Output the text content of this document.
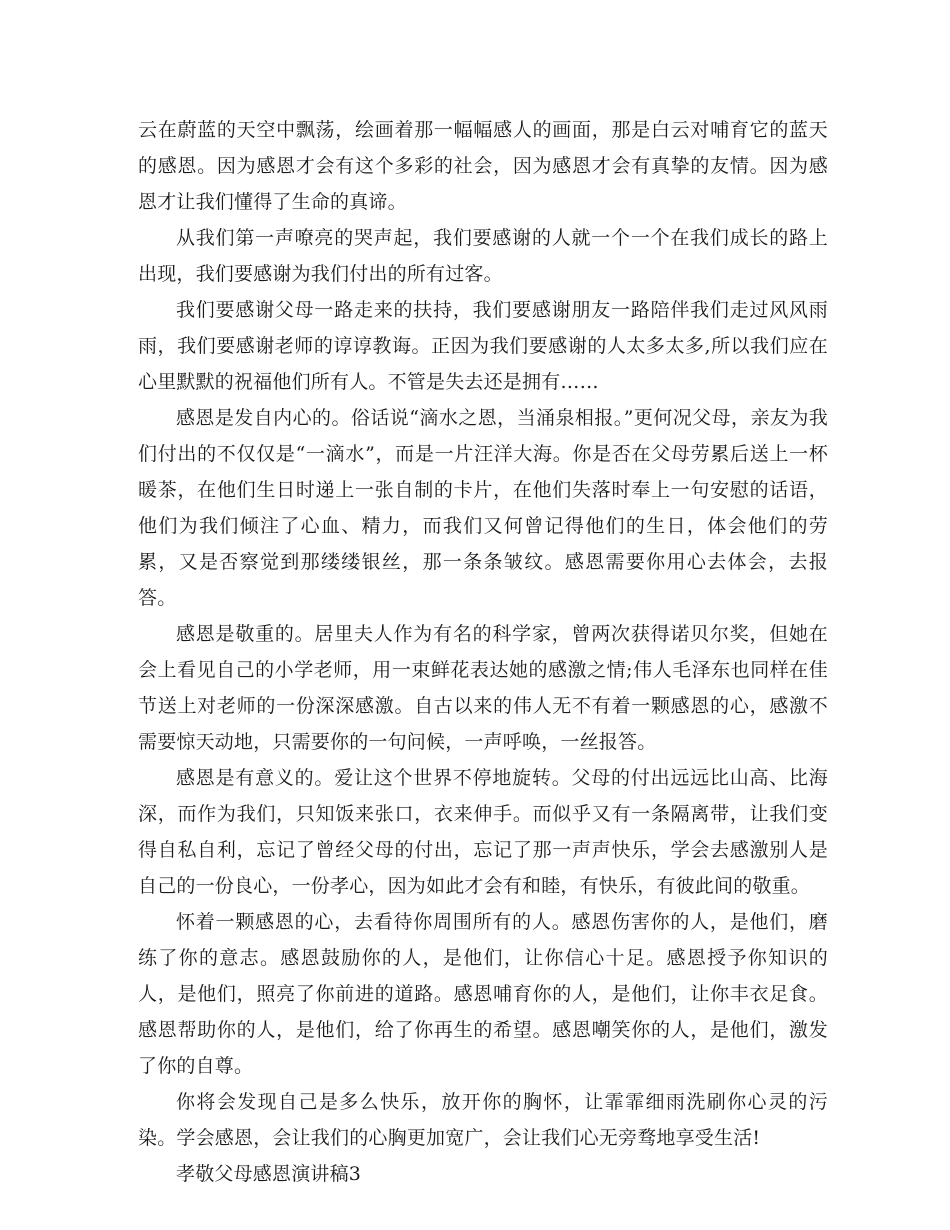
云在蔚蓝的天空中飘荡，绘画着那一幅幅感人的画面，那是白云对哺育它的蓝天的感恩。因为感恩才会有这个多彩的社会，因为感恩才会有真挚的友情。因为感恩才让我们懂得了生命的真谛。

从我们第一声嘹亮的哭声起，我们要感谢的人就一个一个在我们成长的路上出现，我们要感谢为我们付出的所有过客。

我们要感谢父母一路走来的扶持，我们要感谢朋友一路陪伴我们走过风风雨雨，我们要感谢老师的谆谆教诲。正因为我们要感谢的人太多太多,所以我们应在心里默默的祝福他们所有人。不管是失去还是拥有……

感恩是发自内心的。俗话说“滴水之恩，当涌泉相报。”更何况父母，亲友为我们付出的不仅仅是“一滴水”，而是一片汪洋大海。你是否在父母劳累后送上一杯暖茶，在他们生日时递上一张自制的卡片，在他们失落时奉上一句安慰的话语，他们为我们倾注了心血、精力，而我们又何曾记得他们的生日，体会他们的劳累，又是否察觉到那缕缕银丝，那一条条皱纹。感恩需要你用心去体会，去报答。

感恩是敬重的。居里夫人作为有名的科学家，曾两次获得诺贝尔奖，但她在会上看见自己的小学老师，用一束鲜花表达她的感激之情;伟人毛泽东也同样在佳节送上对老师的一份深深感激。自古以来的伟人无不有着一颗感恩的心，感激不需要惊天动地，只需要你的一句问候，一声呼唤，一丝报答。

感恩是有意义的。爱让这个世界不停地旋转。父母的付出远远比山高、比海深，而作为我们，只知饭来张口，衣来伸手。而似乎又有一条隔离带，让我们变得自私自利，忘记了曾经父母的付出，忘记了那一声声快乐，学会去感激别人是自己的一份良心，一份孝心，因为如此才会有和睦，有快乐，有彼此间的敬重。

怀着一颗感恩的心，去看待你周围所有的人。感恩伤害你的人，是他们，磨练了你的意志。感恩鼓励你的人，是他们，让你信心十足。感恩授予你知识的人，是他们，照亮了你前进的道路。感恩哺育你的人，是他们，让你丰衣足食。感恩帮助你的人，是他们，给了你再生的希望。感恩嘲笑你的人，是他们，激发了你的自尊。

你将会发现自己是多么快乐，放开你的胸怀，让霏霏细雨洗刷你心灵的污染。学会感恩，会让我们的心胸更加宽广，会让我们心无旁骛地享受生活!

孝敬父母感恩演讲稿3
